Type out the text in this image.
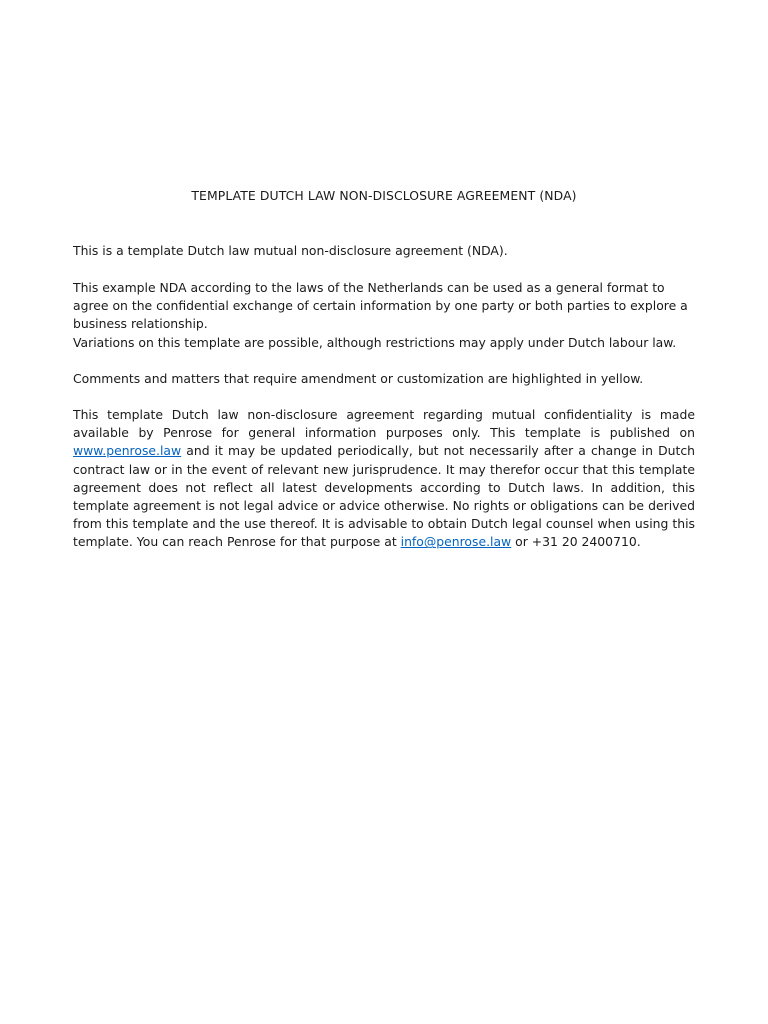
TEMPLATE DUTCH LAW NON-DISCLOSURE AGREEMENT (NDA)

This is a template Dutch law mutual non-disclosure agreement (NDA).

This example NDA according to the laws of the Netherlands can be used as a general format to agree on the confidential exchange of certain information by one party or both parties to explore a business relationship.

Variations on this template are possible, although restrictions may apply under Dutch labour law.

Comments and matters that require amendment or customization are highlighted in yellow.

This template Dutch law non-disclosure agreement regarding mutual confidentiality is made available by Penrose for general information purposes only. This template is published on www.penrose.law and it may be updated periodically, but not necessarily after a change in Dutch contract law or in the event of relevant new jurisprudence. It may therefor occur that this template agreement does not reflect all latest developments according to Dutch laws. In addition, this template agreement is not legal advice or advice otherwise. No rights or obligations can be derived from this template and the use thereof. It is advisable to obtain Dutch legal counsel when using this template. You can reach Penrose for that purpose at info@penrose.law or +31 20 2400710.
